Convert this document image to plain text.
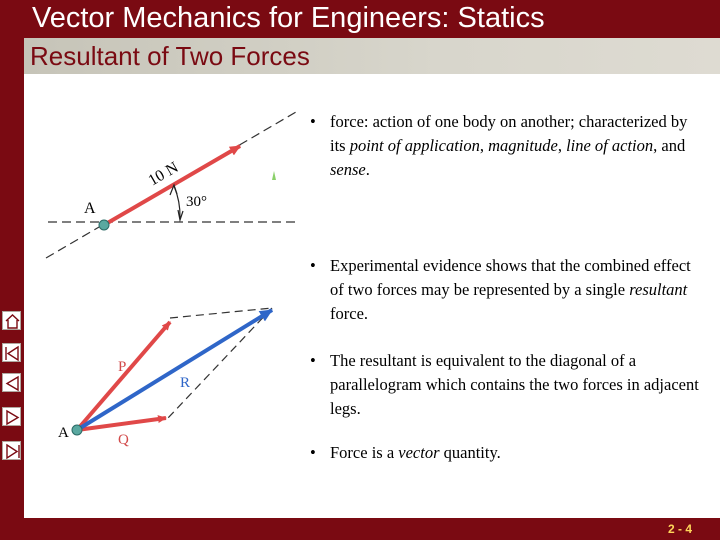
Vector Mechanics for Engineers: Statics
Resultant of Two Forces
A
10 N
30°
A
P
Q
R
• force: action of one body on another; characterized by its point of application, magnitude, line of action, and sense.
• Experimental evidence shows that the combined effect of two forces may be represented by a single resultant force.
• The resultant is equivalent to the diagonal of a parallelogram which contains the two forces in adjacent legs.
• Force is a vector quantity.
2 - 4
